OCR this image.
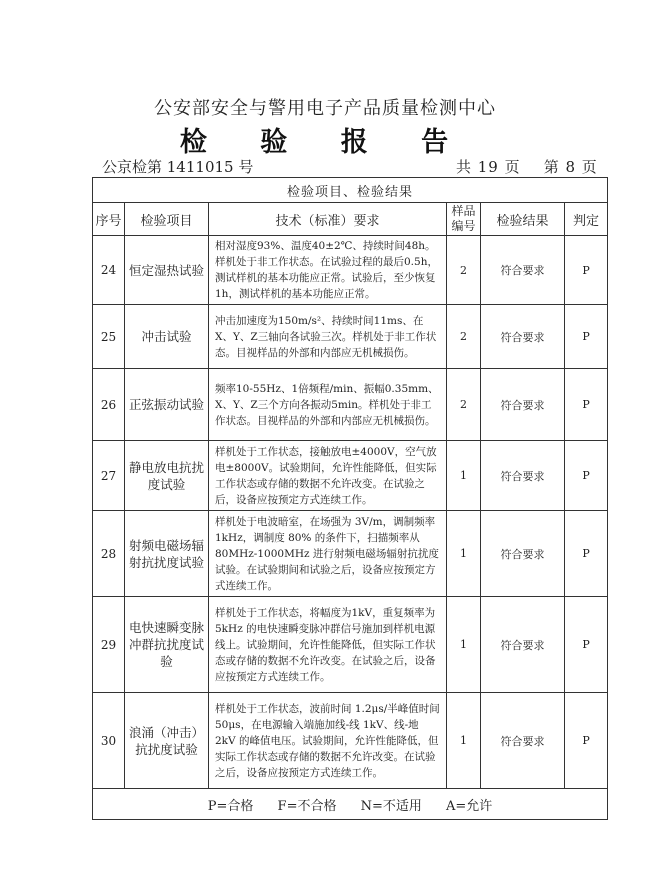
公安部安全与警用电子产品质量检测中心
检 验 报 告
公京检第 1411015 号	共 19 页 第 8 页
检验项目、检验结果					
序号	检验项目	技术（标准）要求	样品编号	检验结果	判定
24	恒定湿热试验	相对湿度93%、温度40±2℃、持续时间48h。样机处于非工作状态。在试验过程的最后0.5h，测试样机的基本功能应正常。试验后，至少恢复1h，测试样机的基本功能应正常。	2	符合要求	P
25	冲击试验	冲击加速度为150m/s²、持续时间11ms、在X、Y、Z三轴向各试验三次。样机处于非工作状态。目视样品的外部和内部应无机械损伤。	2	符合要求	P
26	正弦振动试验	频率10-55Hz、1倍频程/min、振幅0.35mm、X、Y、Z三个方向各振动5min。样机处于非工作状态。目视样品的外部和内部应无机械损伤。	2	符合要求	P
27	静电放电抗扰度试验	样机处于工作状态，接触放电±4000V，空气放电±8000V。试验期间，允许性能降低，但实际工作状态或存储的数据不允许改变。在试验之后，设备应按预定方式连续工作。	1	符合要求	P
28	射频电磁场辐射抗扰度试验	样机处于电波暗室，在场强为 3V/m，调制频率1kHz，调制度 80% 的条件下，扫描频率从80MHz-1000MHz 进行射频电磁场辐射抗扰度试验。在试验期间和试验之后，设备应按预定方式连续工作。	1	符合要求	P
29	电快速瞬变脉冲群抗扰度试验	样机处于工作状态，将幅度为1kV，重复频率为5kHz 的电快速瞬变脉冲群信号施加到样机电源线上。试验期间，允许性能降低，但实际工作状态或存储的数据不允许改变。在试验之后，设备应按预定方式连续工作。	1	符合要求	P
30	浪涌（冲击）抗扰度试验	样机处于工作状态，波前时间 1.2μs/半峰值时间 50μs，在电源输入端施加线-线 1kV、线-地 2kV 的峰值电压。试验期间，允许性能降低，但实际工作状态或存储的数据不允许改变。在试验之后，设备应按预定方式连续工作。	1	符合要求	P
P=合格 F=不合格 N=不适用 A=允许					
